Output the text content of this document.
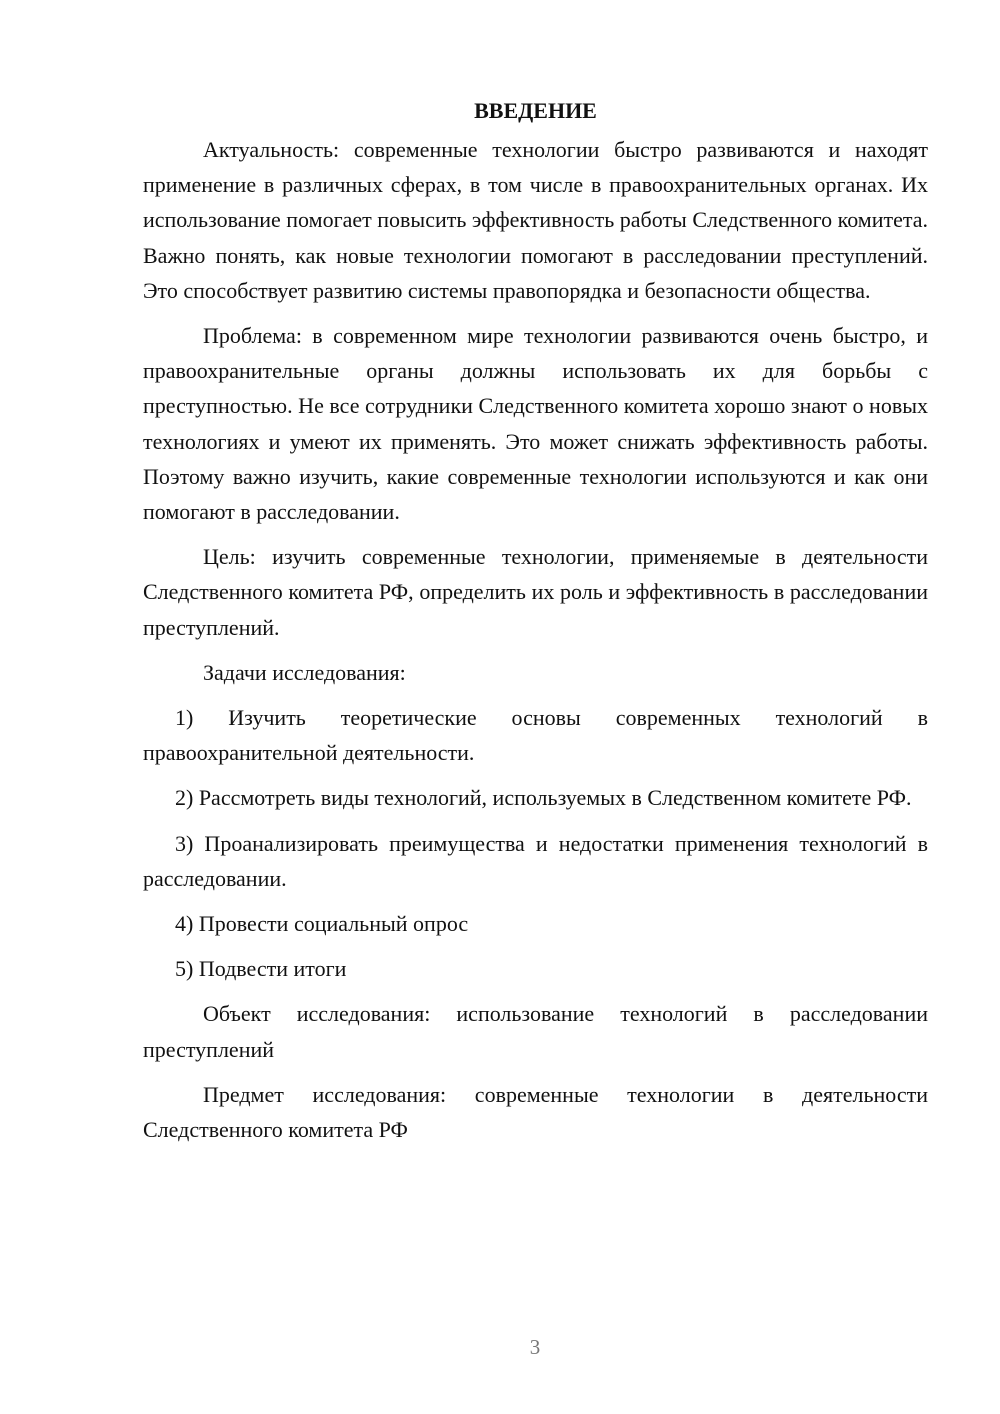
ВВЕДЕНИЕ

Актуальность: современные технологии быстро развиваются и находят применение в различных сферах, в том числе в правоохранительных органах. Их использование помогает повысить эффективность работы Следственного комитета. Важно понять, как новые технологии помогают в расследовании преступлений. Это способствует развитию системы правопорядка и безопасности общества.

Проблема: в современном мире технологии развиваются очень быстро, и правоохранительные органы должны использовать их для борьбы с преступностью. Не все сотрудники Следственного комитета хорошо знают о новых технологиях и умеют их применять. Это может снижать эффективность работы. Поэтому важно изучить, какие современные технологии используются и как они помогают в расследовании.

Цель: изучить современные технологии, применяемые в деятельности Следственного комитета РФ, определить их роль и эффективность в расследовании преступлений.

Задачи исследования:

1) Изучить теоретические основы современных технологий в правоохранительной деятельности.

2) Рассмотреть виды технологий, используемых в Следственном комитете РФ.

3) Проанализировать преимущества и недостатки применения технологий в расследовании.

4) Провести социальный опрос

5) Подвести итоги

Объект исследования: использование технологий в расследовании преступлений

Предмет исследования: современные технологии в деятельности Следственного комитета РФ

3
